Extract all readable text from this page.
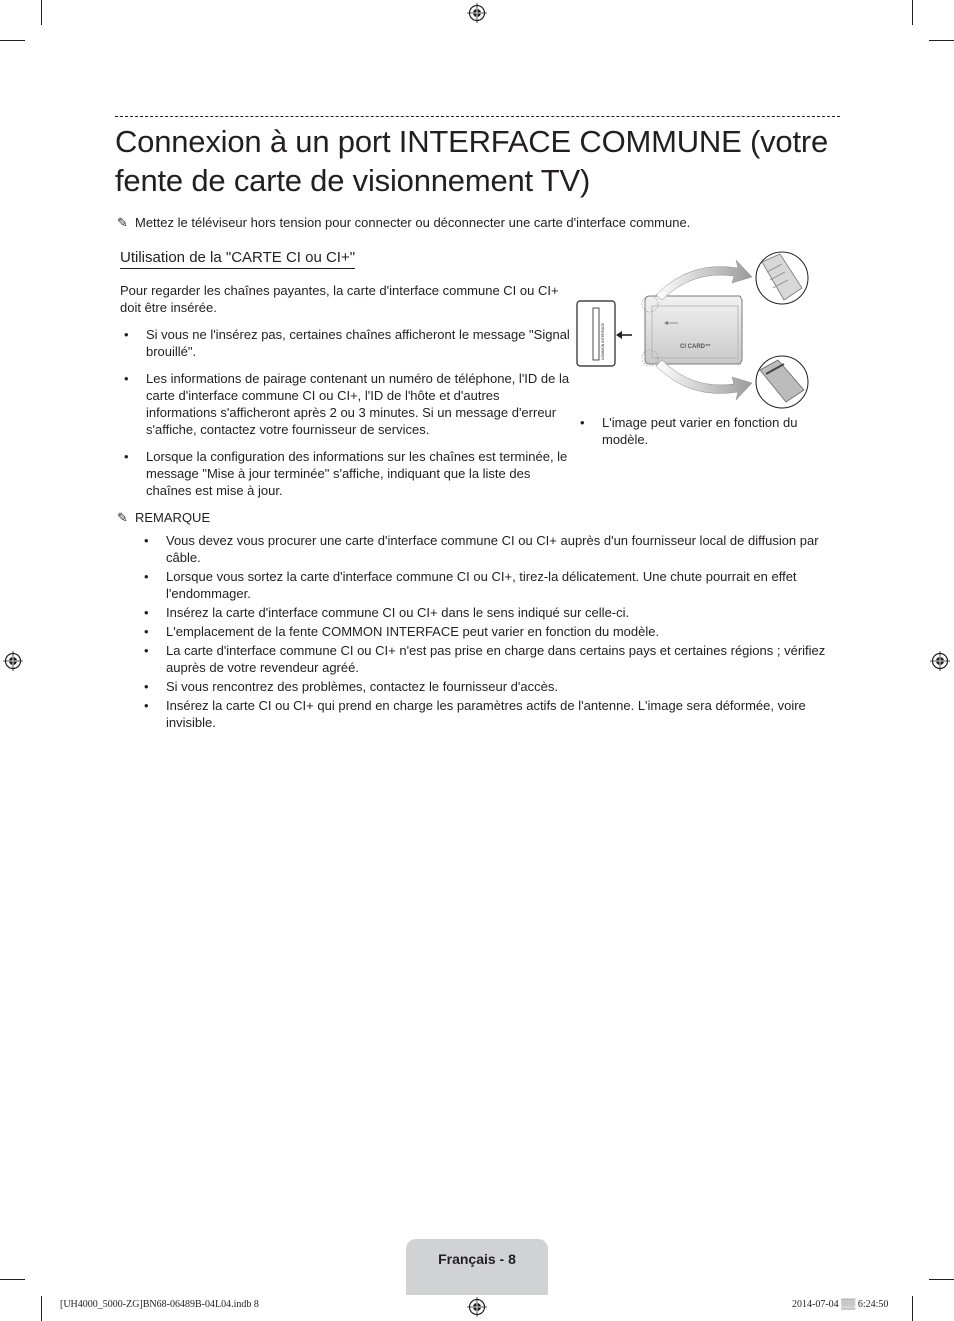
Connexion à un port INTERFACE COMMUNE (votre fente de carte de visionnement TV)
✎ Mettez le téléviseur hors tension pour connecter ou déconnecter une carte d'interface commune.
Utilisation de la "CARTE CI ou CI+"
Pour regarder les chaînes payantes, la carte d'interface commune CI ou CI+ doit être insérée.
• Si vous ne l'insérez pas, certaines chaînes afficheront le message "Signal brouillé".
• Les informations de pairage contenant un numéro de téléphone, l'ID de la carte d'interface commune CI ou CI+, l'ID de l'hôte et d'autres informations s'afficheront après 2 ou 3 minutes. Si un message d'erreur s'affiche, contactez votre fournisseur de services.
• Lorsque la configuration des informations sur les chaînes est terminée, le message "Mise à jour terminée" s'affiche, indiquant que la liste des chaînes est mise à jour.
COMMON INTERFACE	CI CARD™
• L'image peut varier en fonction du modèle.
✎ REMARQUE
• Vous devez vous procurer une carte d'interface commune CI ou CI+ auprès d'un fournisseur local de diffusion par câble.
• Lorsque vous sortez la carte d'interface commune CI ou CI+, tirez-la délicatement. Une chute pourrait en effet l'endommager.
• Insérez la carte d'interface commune CI ou CI+ dans le sens indiqué sur celle-ci.
• L'emplacement de la fente COMMON INTERFACE peut varier en fonction du modèle.
• La carte d'interface commune CI ou CI+ n'est pas prise en charge dans certains pays et certaines régions ; vérifiez auprès de votre revendeur agréé.
• Si vous rencontrez des problèmes, contactez le fournisseur d'accès.
• Insérez la carte CI ou CI+ qui prend en charge les paramètres actifs de l'antenne. L'image sera déformée, voire invisible.
Français - 8
[UH4000_5000-ZG]BN68-06489B-04L04.indb 8	2014-07-04 ▒▒ 6:24:50
